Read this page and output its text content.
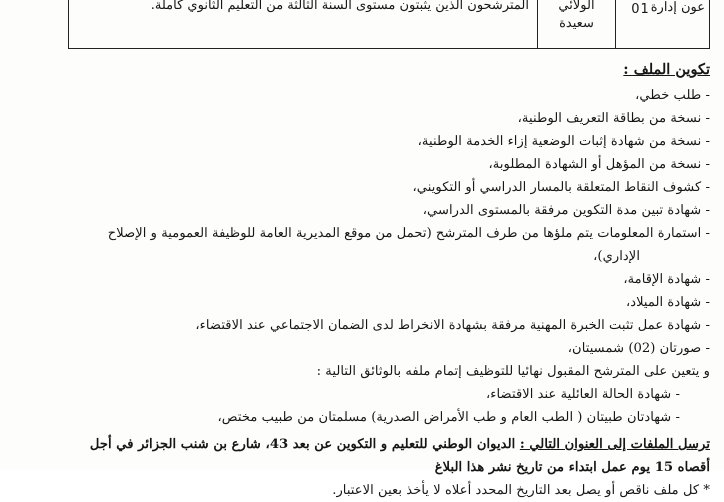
عون إدارة
01
الولائي
سعيدة
المترشحون الذين يثبتون مستوى السنة الثالثة من التعليم الثانوي كاملة.
تكوين الملف :
- طلب خطي،
- نسخة من بطاقة التعريف الوطنية،
- نسخة من شهادة إثبات الوضعية إزاء الخدمة الوطنية،
- نسخة من المؤهل أو الشهادة المطلوبة،
- كشوف النقاط المتعلقة بالمسار الدراسي أو التكويني،
- شهادة تبين مدة التكوين مرفقة بالمستوى الدراسي،
- استمارة المعلومات يتم ملؤها من طرف المترشح (تحمل من موقع المديرية العامة للوظيفة العمومية و الإصلاح
الإداري)،
- شهادة الإقامة،
- شهادة الميلاد،
- شهادة عمل تثبت الخبرة المهنية مرفقة بشهادة الانخراط لدى الضمان الاجتماعي عند الاقتضاء،
- صورتان (02) شمسيتان،
و يتعين على المترشح المقبول نهائيا للتوظيف إتمام ملفه بالوثائق التالية :
- شهادة الحالة العائلية عند الاقتضاء،
- شهادتان طبيتان ( الطب العام و طب الأمراض الصدرية) مسلمتان من طبيب مختص،
ترسل الملفات إلى العنوان التالي : الديوان الوطني للتعليم و التكوين عن بعد 43، شارع بن شنب الجزائر في أجل
أقصاه 15 يوم عمل ابتداء من تاريخ نشر هذا البلاغ
* كل ملف ناقص أو يصل بعد التاريخ المحدد أعلاه لا يأخذ بعين الاعتبار.
